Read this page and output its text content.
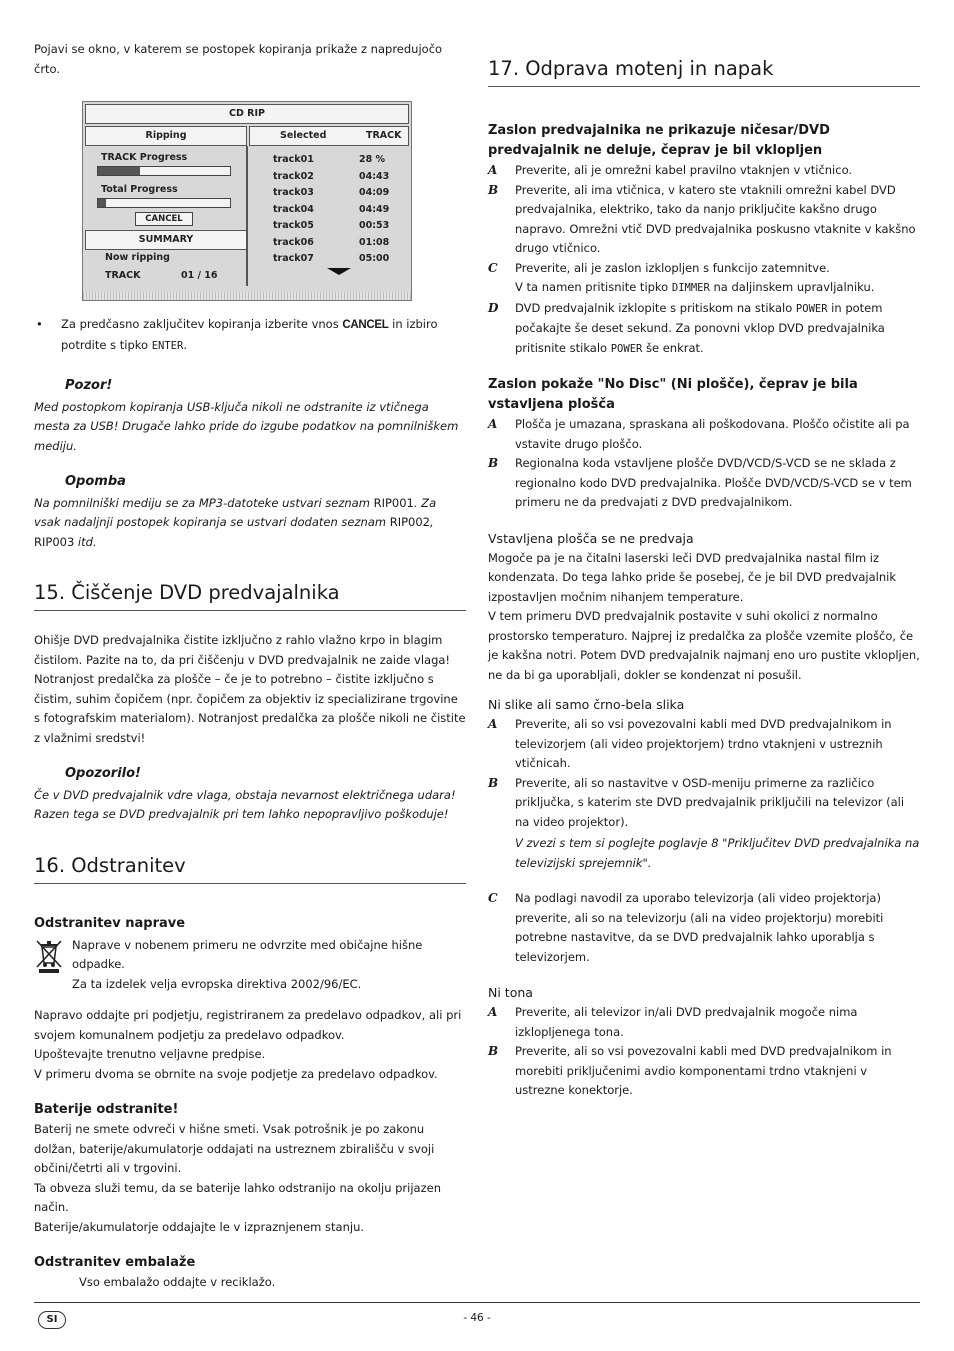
Pojavi se okno, v katerem se postopek kopiranja prikaže z napredujočo črto.

CD RIP
Ripping	Selected	TRACK
TRACK Progress
Total Progress
CANCEL
SUMMARY
Now ripping
TRACK	01 / 16
track01	28 %
track02	04:43
track03	04:09
track04	04:49
track05	00:53
track06	01:08
track07	05:00
• Za predčasno zaključitev kopiranja izberite vnos CANCEL in izbiro potrdite s tipko ENTER.
Pozor!

Med postopkom kopiranja USB-ključa nikoli ne odstranite iz vtičnega mesta za USB! Drugače lahko pride do izgube podatkov na pomnilniškem mediju.

Opomba

Na pomnilniški mediju se za MP3-datoteke ustvari seznam RIP001. Za vsak nadaljnji postopek kopiranja se ustvari dodaten seznam RIP002, RIP003 itd.

15. Čiščenje DVD predvajalnika

Ohišje DVD predvajalnika čistite izključno z rahlo vlažno krpo in blagim čistilom. Pazite na to, da pri čiščenju v DVD predvajalnik ne zaide vlaga!

Notranjost predalčka za plošče – če je to potrebno – čistite izključno s čistim, suhim čopičem (npr. čopičem za objektiv iz specializirane trgovine s fotografskim materialom). Notranjost predalčka za plošče nikoli ne čistite z vlažnimi sredstvi!

Opozorilo!

Če v DVD predvajalnik vdre vlaga, obstaja nevarnost električnega udara! Razen tega se DVD predvajalnik pri tem lahko nepopravljivo poškoduje!

16. Odstranitev
Odstranitev naprave

Naprave v nobenem primeru ne odvrzite med običajne hišne odpadke.

Za ta izdelek velja evropska direktiva 2002/96/EC.

Napravo oddajte pri podjetju, registriranem za predelavo odpadkov, ali pri svojem komunalnem podjetju za predelavo odpadkov.

Upoštevajte trenutno veljavne predpise.

V primeru dvoma se obrnite na svoje podjetje za predelavo odpadkov.

Baterije odstranite!

Baterij ne smete odvreči v hišne smeti. Vsak potrošnik je po zakonu dolžan, baterije/akumulatorje oddajati na ustreznem zbirališču v svoji občini/četrti ali v trgovini.

Ta obveza služi temu, da se baterije lahko odstranijo na okolju prijazen način.

Baterije/akumulatorje oddajajte le v izpraznjenem stanju.

Odstranitev embalaže

Vso embalažo oddajte v reciklažo.

17. Odprava motenj in napak
Zaslon predvajalnika ne prikazuje ničesar/DVD predvajalnik ne deluje, čeprav je bil vklopljen
A Preverite, ali je omrežni kabel pravilno vtaknjen v vtičnico.
B Preverite, ali ima vtičnica, v katero ste vtaknili omrežni kabel DVD predvajalnika, elektriko, tako da nanjo priključite kakšno drugo napravo. Omrežni vtič DVD predvajalnika poskusno vtaknite v kakšno drugo vtičnico.
C Preverite, ali je zaslon izklopljen s funkcijo zatemnitve.
V ta namen pritisnite tipko DIMMER na daljinskem upravljalniku.
D DVD predvajalnik izklopite s pritiskom na stikalo POWER in potem počakajte še deset sekund. Za ponovni vklop DVD predvajalnika pritisnite stikalo POWER še enkrat.
Zaslon pokaže "No Disc" (Ni plošče), čeprav je bila vstavljena plošča
A Plošča je umazana, spraskana ali poškodovana. Ploščo očistite ali pa vstavite drugo ploščo.
B Regionalna koda vstavljene plošče DVD/VCD/S-VCD se ne sklada z regionalno kodo DVD predvajalnika. Plošče DVD/VCD/S-VCD se v tem primeru ne da predvajati z DVD predvajalnikom.
Vstavljena plošča se ne predvaja

Mogoče pa je na čitalni laserski leči DVD predvajalnika nastal film iz kondenzata. Do tega lahko pride še posebej, če je bil DVD predvajalnik izpostavljen močnim nihanjem temperature.

V tem primeru DVD predvajalnik postavite v suhi okolici z normalno prostorsko temperaturo. Najprej iz predalčka za plošče vzemite ploščo, če je kakšna notri. Potem DVD predvajalnik najmanj eno uro pustite vklopljen, ne da bi ga uporabljali, dokler se kondenzat ni posušil.

Ni slike ali samo črno-bela slika
A Preverite, ali so vsi povezovalni kabli med DVD predvajalnikom in televizorjem (ali video projektorjem) trdno vtaknjeni v ustreznih vtičnicah.
B Preverite, ali so nastavitve v OSD-meniju primerne za različico priključka, s katerim ste DVD predvajalnik priključili na televizor (ali na video projektor).

V zvezi s tem si poglejte poglavje 8 "Priključitev DVD predvajalnika na televizijski sprejemnik".

C Na podlagi navodil za uporabo televizorja (ali video projektorja) preverite, ali so na televizorju (ali na video projektorju) morebiti potrebne nastavitve, da se DVD predvajalnik lahko uporablja s televizorjem.
Ni tona
A Preverite, ali televizor in/ali DVD predvajalnik mogoče nima izklopljenega tona.
B Preverite, ali so vsi povezovalni kabli med DVD predvajalnikom in morebiti priključenimi avdio komponentami trdno vtaknjeni v ustrezne konektorje.
SI	- 46 -
